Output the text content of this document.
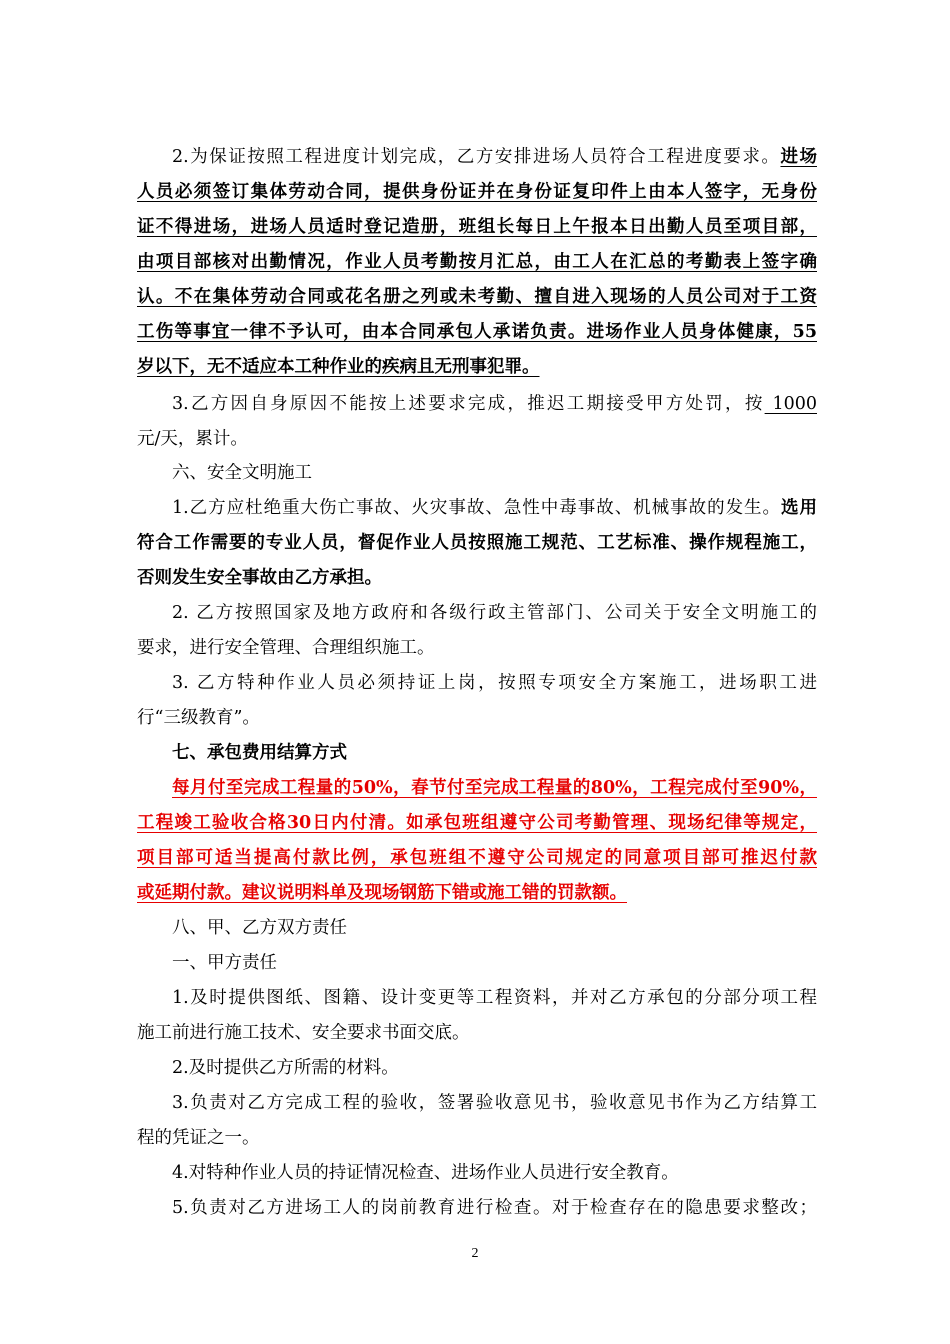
2.为保证按照工程进度计划完成，乙方安排进场人员符合工程进度要求。进场
人员必须签订集体劳动合同，提供身份证并在身份证复印件上由本人签字，无身份
证不得进场，进场人员适时登记造册，班组长每日上午报本日出勤人员至项目部，
由项目部核对出勤情况，作业人员考勤按月汇总，由工人在汇总的考勤表上签字确
认。不在集体劳动合同或花名册之列或未考勤、擅自进入现场的人员公司对于工资
工伤等事宜一律不予认可，由本合同承包人承诺负责。进场作业人员身体健康，55
岁以下，无不适应本工种作业的疾病且无刑事犯罪。
3.乙方因自身原因不能按上述要求完成，推迟工期接受甲方处罚，按 1000
元/天，累计。
六、安全文明施工
1.乙方应杜绝重大伤亡事故、火灾事故、急性中毒事故、机械事故的发生。选用
符合工作需要的专业人员，督促作业人员按照施工规范、工艺标准、操作规程施工，
否则发生安全事故由乙方承担。
2. 乙方按照国家及地方政府和各级行政主管部门、公司关于安全文明施工的
要求，进行安全管理、合理组织施工。
3. 乙方特种作业人员必须持证上岗，按照专项安全方案施工，进场职工进
行“三级教育”。
七、承包费用结算方式
每月付至完成工程量的50%，春节付至完成工程量的80%，工程完成付至90%，
工程竣工验收合格30日内付清。如承包班组遵守公司考勤管理、现场纪律等规定，
项目部可适当提高付款比例，承包班组不遵守公司规定的同意项目部可推迟付款
或延期付款。建议说明料单及现场钢筋下错或施工错的罚款额。
八、甲、乙方双方责任
一、甲方责任
1.及时提供图纸、图籍、设计变更等工程资料，并对乙方承包的分部分项工程
施工前进行施工技术、安全要求书面交底。
2.及时提供乙方所需的材料。
3.负责对乙方完成工程的验收，签署验收意见书，验收意见书作为乙方结算工
程的凭证之一。
4.对特种作业人员的持证情况检查、进场作业人员进行安全教育。
5.负责对乙方进场工人的岗前教育进行检查。对于检查存在的隐患要求整改；
2
